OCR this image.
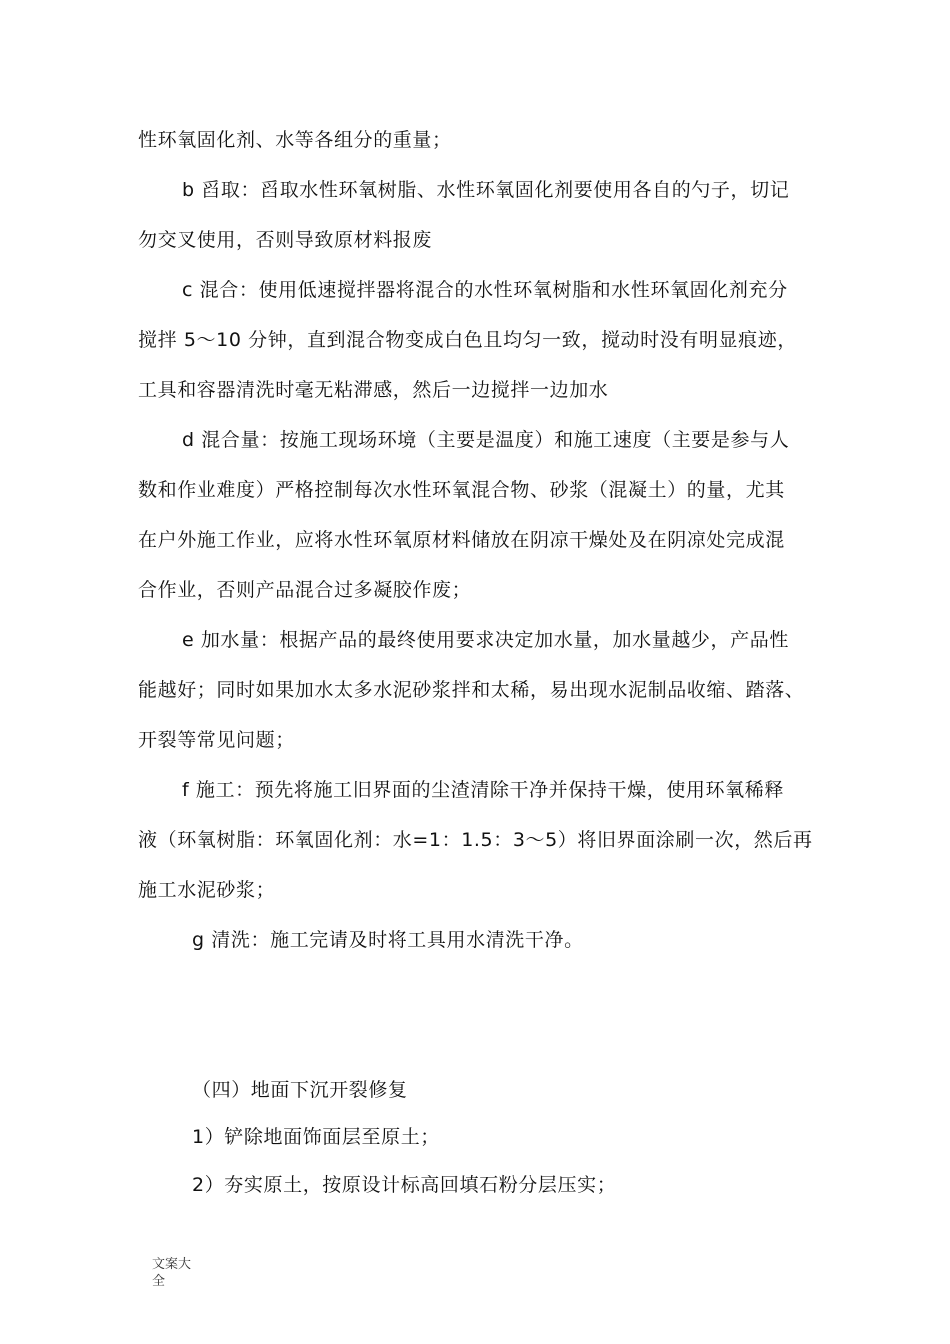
性环氧固化剂、水等各组分的重量；
b 舀取：舀取水性环氧树脂、水性环氧固化剂要使用各自的勺子，切记
勿交叉使用，否则导致原材料报废
c 混合：使用低速搅拌器将混合的水性环氧树脂和水性环氧固化剂充分
搅拌 5～10 分钟，直到混合物变成白色且均匀一致，搅动时没有明显痕迹，
工具和容器清洗时毫无粘滞感，然后一边搅拌一边加水
d 混合量：按施工现场环境（主要是温度）和施工速度（主要是参与人
数和作业难度）严格控制每次水性环氧混合物、砂浆（混凝土）的量，尤其
在户外施工作业，应将水性环氧原材料储放在阴凉干燥处及在阴凉处完成混
合作业，否则产品混合过多凝胶作废；
e 加水量：根据产品的最终使用要求决定加水量，加水量越少，产品性
能越好；同时如果加水太多水泥砂浆拌和太稀，易出现水泥制品收缩、踏落、
开裂等常见问题；
f 施工：预先将施工旧界面的尘渣清除干净并保持干燥，使用环氧稀释
液（环氧树脂：环氧固化剂：水=1：1.5：3～5）将旧界面涂刷一次，然后再
施工水泥砂浆；
g 清洗：施工完请及时将工具用水清洗干净。
（四）地面下沉开裂修复
1）铲除地面饰面层至原土；
2）夯实原土，按原设计标高回填石粉分层压实；
文案大
全
